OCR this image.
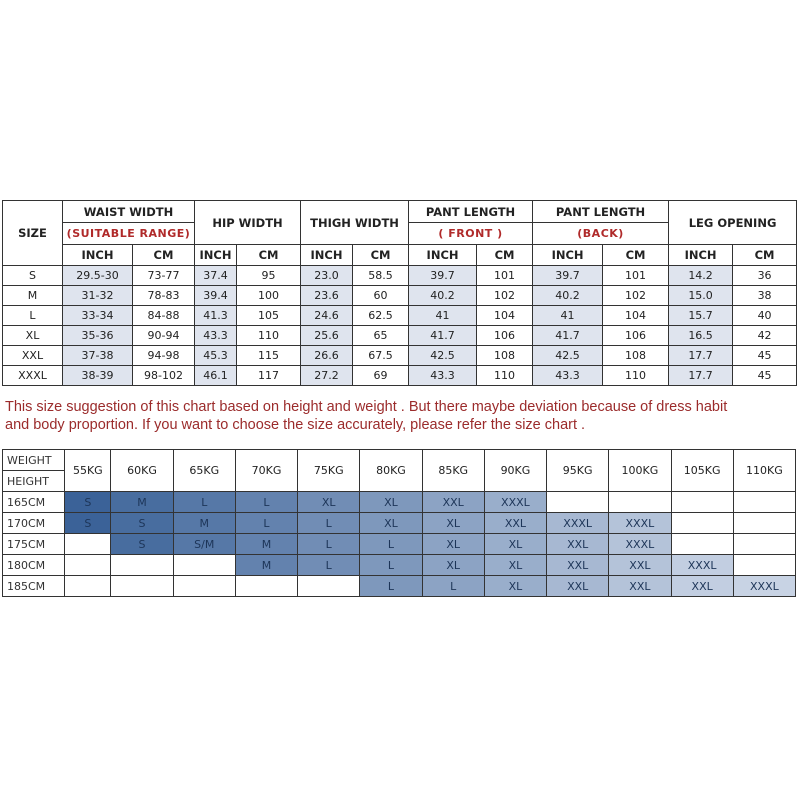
SIZE	WAIST WIDTH		HIP WIDTH		THIGH WIDTH		PANT LENGTH		PANT LENGTH		LEG OPENING	
	(SUITABLE RANGE)						( FRONT )		(BACK)			
	INCH	CM	INCH	CM	INCH	CM	INCH	CM	INCH	CM	INCH	CM
S	29.5-30	73-77	37.4	95	23.0	58.5	39.7	101	39.7	101	14.2	36
M	31-32	78-83	39.4	100	23.6	60	40.2	102	40.2	102	15.0	38
L	33-34	84-88	41.3	105	24.6	62.5	41	104	41	104	15.7	40
XL	35-36	90-94	43.3	110	25.6	65	41.7	106	41.7	106	16.5	42
XXL	37-38	94-98	45.3	115	26.6	67.5	42.5	108	42.5	108	17.7	45
XXXL	38-39	98-102	46.1	117	27.2	69	43.3	110	43.3	110	17.7	45

This size suggestion of this chart based on height and weight . But there maybe deviation because of dress habit

and body proportion. If you want to choose the size accurately, please refer the size chart .

WEIGHT	55KG	60KG	65KG	70KG	75KG	80KG	85KG	90KG	95KG	100KG	105KG	110KG
HEIGHT												
165CM	S	M	L	L	XL	XL	XXL	XXXL				
170CM	S	S	M	L	L	XL	XL	XXL	XXXL	XXXL		
175CM		S	S/M	M	L	L	XL	XL	XXL	XXXL		
180CM				M	L	L	XL	XL	XXL	XXL	XXXL	
185CM						L	L	XL	XXL	XXL	XXL	XXXL
